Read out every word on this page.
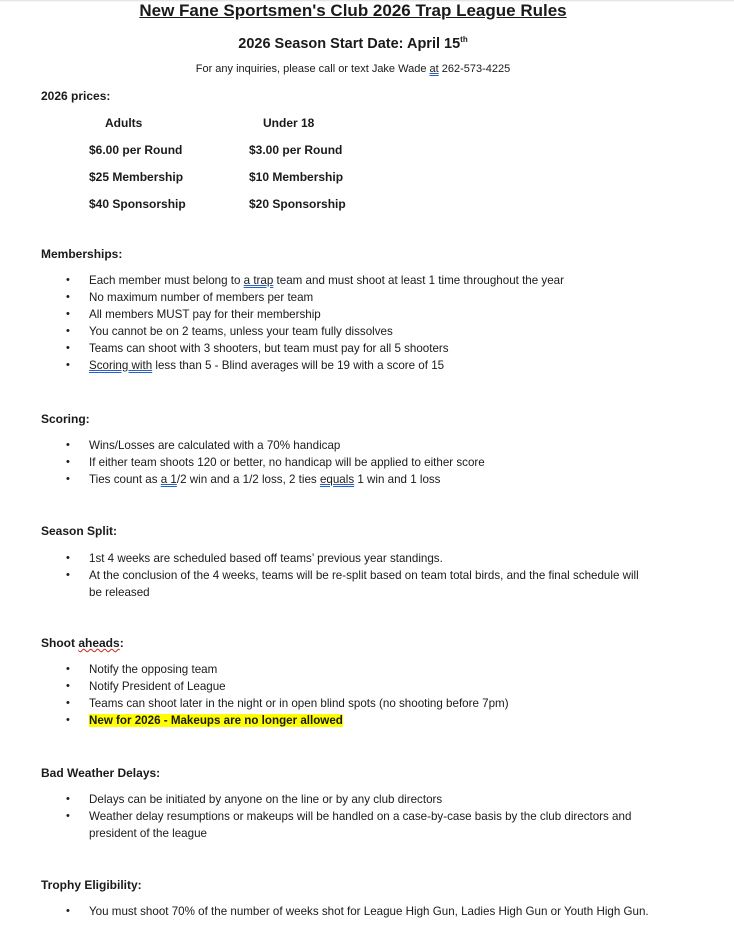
New Fane Sportsmen's Club 2026 Trap League Rules
2026 Season Start Date: April 15th
For any inquiries, please call or text Jake Wade at 262-573-4225
2026 prices:
Adults	Under 18
$6.00 per Round	$3.00 per Round
$25 Membership	$10 Membership
$40 Sponsorship	$20 Sponsorship
Memberships:
• Each member must belong to a trap team and must shoot at least 1 time throughout the year
• No maximum number of members per team
• All members MUST pay for their membership
• You cannot be on 2 teams, unless your team fully dissolves
• Teams can shoot with 3 shooters, but team must pay for all 5 shooters
• Scoring with less than 5 - Blind averages will be 19 with a score of 15
Scoring:
• Wins/Losses are calculated with a 70% handicap
• If either team shoots 120 or better, no handicap will be applied to either score
• Ties count as a 1/2 win and a 1/2 loss, 2 ties equals 1 win and 1 loss
Season Split:
• 1st 4 weeks are scheduled based off teams’ previous year standings.
• At the conclusion of the 4 weeks, teams will be re-split based on team total birds, and the final schedule will be released
Shoot aheads:
• Notify the opposing team
• Notify President of League
• Teams can shoot later in the night or in open blind spots (no shooting before 7pm)
• New for 2026 - Makeups are no longer allowed
Bad Weather Delays:
• Delays can be initiated by anyone on the line or by any club directors
• Weather delay resumptions or makeups will be handled on a case-by-case basis by the club directors and president of the league
Trophy Eligibility:
• You must shoot 70% of the number of weeks shot for League High Gun, Ladies High Gun or Youth High Gun.
